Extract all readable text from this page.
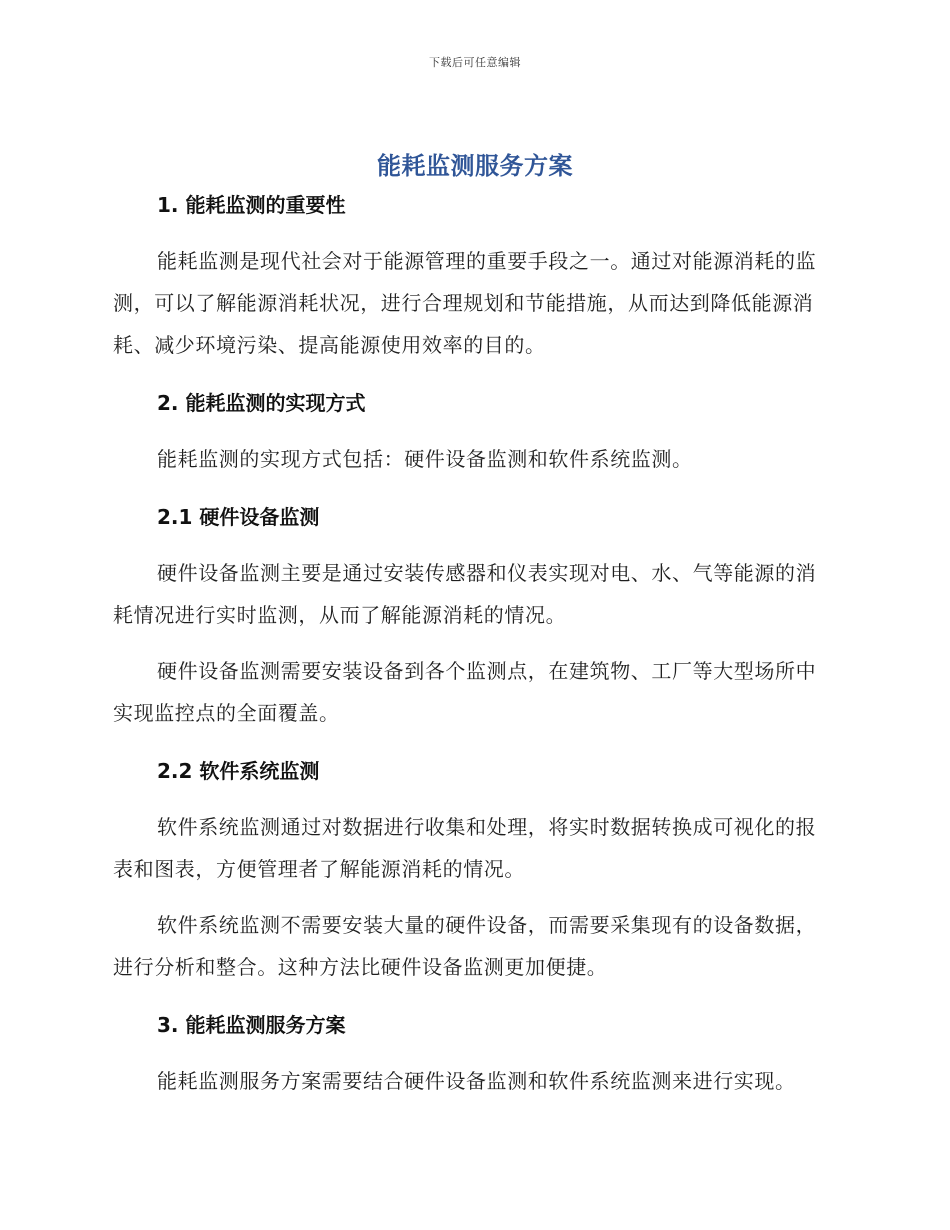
下载后可任意编辑
能耗监测服务方案
1. 能耗监测的重要性

能耗监测是现代社会对于能源管理的重要手段之一。通过对能源消耗的监测，可以了解能源消耗状况，进行合理规划和节能措施，从而达到降低能源消耗、减少环境污染、提高能源使用效率的目的。

2. 能耗监测的实现方式

能耗监测的实现方式包括：硬件设备监测和软件系统监测。

2.1 硬件设备监测

硬件设备监测主要是通过安装传感器和仪表实现对电、水、气等能源的消耗情况进行实时监测，从而了解能源消耗的情况。

硬件设备监测需要安装设备到各个监测点，在建筑物、工厂等大型场所中实现监控点的全面覆盖。

2.2 软件系统监测

软件系统监测通过对数据进行收集和处理，将实时数据转换成可视化的报表和图表，方便管理者了解能源消耗的情况。

软件系统监测不需要安装大量的硬件设备，而需要采集现有的设备数据，进行分析和整合。这种方法比硬件设备监测更加便捷。

3. 能耗监测服务方案

能耗监测服务方案需要结合硬件设备监测和软件系统监测来进行实现。
